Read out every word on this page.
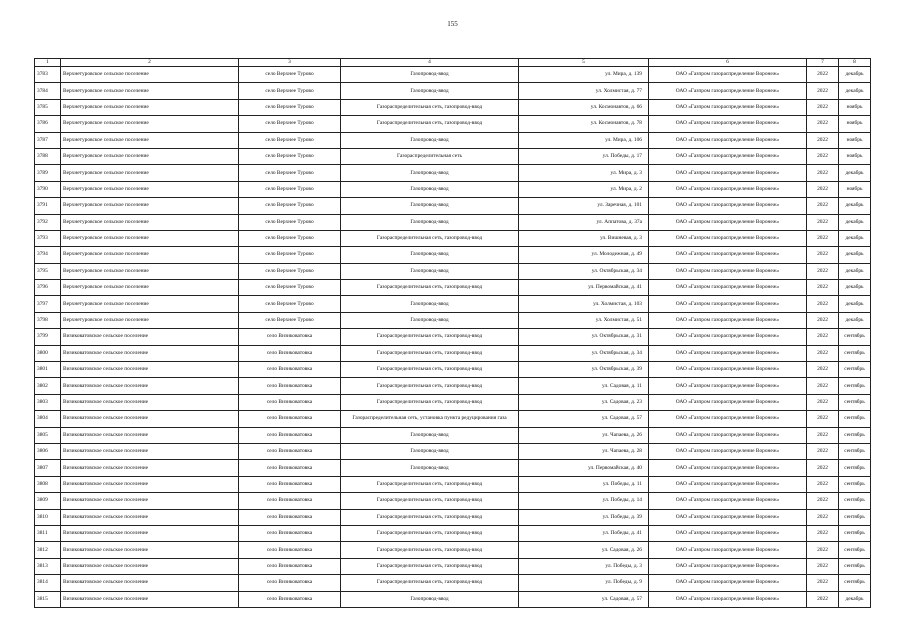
155
1	2	3	4	5	6	7	8
3783	Верхнетуровское сельское поселение	село Верхнее Турово	Газопровод-ввод	ул. Мира, д. 139	ОАО «Газпром газораспределение Воронеж»	2022	декабрь
3784	Верхнетуровское сельское поселение	село Верхнее Турово	Газопровод-ввод	ул. Холмистая, д. 77	ОАО «Газпром газораспределение Воронеж»	2022	декабрь
3785	Верхнетуровское сельское поселение	село Верхнее Турово	Газораспределительная сеть, газопровод-ввод	ул. Космонавтов, д. 66	ОАО «Газпром газораспределение Воронеж»	2022	ноябрь
3786	Верхнетуровское сельское поселение	село Верхнее Турово	Газораспределительная сеть, газопровод-ввод	ул. Космонавтов, д. 78	ОАО «Газпром газораспределение Воронеж»	2022	ноябрь
3787	Верхнетуровское сельское поселение	село Верхнее Турово	Газопровод-ввод	ул. Мира, д. 106	ОАО «Газпром газораспределение Воронеж»	2022	ноябрь
3788	Верхнетуровское сельское поселение	село Верхнее Турово	Газораспределительная сеть	ул. Победы, д. 17	ОАО «Газпром газораспределение Воронеж»	2022	ноябрь
3789	Верхнетуровское сельское поселение	село Верхнее Турово	Газопровод-ввод	ул. Мира, д. 3	ОАО «Газпром газораспределение Воронеж»	2022	декабрь
3790	Верхнетуровское сельское поселение	село Верхнее Турово	Газопровод-ввод	ул. Мира, д. 2	ОАО «Газпром газораспределение Воронеж»	2022	ноябрь
3791	Верхнетуровское сельское поселение	село Верхнее Турово	Газопровод-ввод	ул. Заречная, д. 101	ОАО «Газпром газораспределение Воронеж»	2022	декабрь
3792	Верхнетуровское сельское поселение	село Верхнее Турово	Газопровод-ввод	ул. Аппатова, д. 37а	ОАО «Газпром газораспределение Воронеж»	2022	декабрь
3793	Верхнетуровское сельское поселение	село Верхнее Турово	Газораспределительная сеть, газопровод-ввод	ул. Вишневая, д. 3	ОАО «Газпром газораспределение Воронеж»	2022	декабрь
3794	Верхнетуровское сельское поселение	село Верхнее Турово	Газопровод-ввод	ул. Молодежная, д. 49	ОАО «Газпром газораспределение Воронеж»	2022	декабрь
3795	Верхнетуровское сельское поселение	село Верхнее Турово	Газопровод-ввод	ул. Октябрьская, д. 34	ОАО «Газпром газораспределение Воронеж»	2022	декабрь
3796	Верхнетуровское сельское поселение	село Верхнее Турово	Газораспределительная сеть, газопровод-ввод	ул. Первомайская, д. 41	ОАО «Газпром газораспределение Воронеж»	2022	декабрь
3797	Верхнетуровское сельское поселение	село Верхнее Турово	Газопровод-ввод	ул. Холмистая, д. 103	ОАО «Газпром газораспределение Воронеж»	2022	декабрь
3798	Верхнетуровское сельское поселение	село Верхнее Турово	Газопровод-ввод	ул. Холмистая, д. 51	ОАО «Газпром газораспределение Воронеж»	2022	декабрь
3799	Визиковатовское сельское поселение	село Визиковатовка	Газораспределительная сеть, газопровод-ввод	ул. Октябрьская, д. 31	ОАО «Газпром газораспределение Воронеж»	2022	сентябрь
3800	Визиковатовское сельское поселение	село Визиковатовка	Газораспределительная сеть, газопровод-ввод	ул. Октябрьская, д. 34	ОАО «Газпром газораспределение Воронеж»	2022	сентябрь
3801	Визиковатовское сельское поселение	село Визиковатовка	Газораспределительная сеть, газопровод-ввод	ул. Октябрьская, д. 39	ОАО «Газпром газораспределение Воронеж»	2022	сентябрь
3802	Визиковатовское сельское поселение	село Визиковатовка	Газораспределительная сеть, газопровод-ввод	ул. Садовая, д. 11	ОАО «Газпром газораспределение Воронеж»	2022	сентябрь
3803	Визиковатовское сельское поселение	село Визиковатовка	Газораспределительная сеть, газопровод-ввод	ул. Садовая, д. 23	ОАО «Газпром газораспределение Воронеж»	2022	сентябрь
3804	Визиковатовское сельское поселение	село Визиковатовка	Газораспределительная сеть, установка пункта редуцирования газа	ул. Садовая, д. 57	ОАО «Газпром газораспределение Воронеж»	2022	сентябрь
3805	Визиковатовское сельское поселение	село Визиковатовка	Газопровод-ввод	ул. Чапаева, д. 26	ОАО «Газпром газораспределение Воронеж»	2022	сентябрь
3806	Визиковатовское сельское поселение	село Визиковатовка	Газопровод-ввод	ул. Чапаева, д. 28	ОАО «Газпром газораспределение Воронеж»	2022	сентябрь
3807	Визиковатовское сельское поселение	село Визиковатовка	Газопровод-ввод	ул. Первомайская, д. 40	ОАО «Газпром газораспределение Воронеж»	2022	сентябрь
3808	Визиковатовское сельское поселение	село Визиковатовка	Газораспределительная сеть, газопровод-ввод	ул. Победы, д. 11	ОАО «Газпром газораспределение Воронеж»	2022	сентябрь
3809	Визиковатовское сельское поселение	село Визиковатовка	Газораспределительная сеть, газопровод-ввод	ул. Победы, д. 14	ОАО «Газпром газораспределение Воронеж»	2022	сентябрь
3810	Визиковатовское сельское поселение	село Визиковатовка	Газораспределительная сеть, газопровод-ввод	ул. Победы, д. 39	ОАО «Газпром газораспределение Воронеж»	2022	сентябрь
3811	Визиковатовское сельское поселение	село Визиковатовка	Газораспределительная сеть, газопровод-ввод	ул. Победы, д. 41	ОАО «Газпром газораспределение Воронеж»	2022	сентябрь
3812	Визиковатовское сельское поселение	село Визиковатовка	Газораспределительная сеть, газопровод-ввод	ул. Садовая, д. 26	ОАО «Газпром газораспределение Воронеж»	2022	сентябрь
3813	Визиковатовское сельское поселение	село Визиковатовка	Газораспределительная сеть, газопровод-ввод	ул. Победы, д. 3	ОАО «Газпром газораспределение Воронеж»	2022	сентябрь
3814	Визиковатовское сельское поселение	село Визиковатовка	Газораспределительная сеть, газопровод-ввод	ул. Победы, д. 9	ОАО «Газпром газораспределение Воронеж»	2022	сентябрь
3815	Визиковатовское сельское поселение	село Визиковатовка	Газопровод-ввод	ул. Садовая, д. 57	ОАО «Газпром газораспределение Воронеж»	2022	декабрь
